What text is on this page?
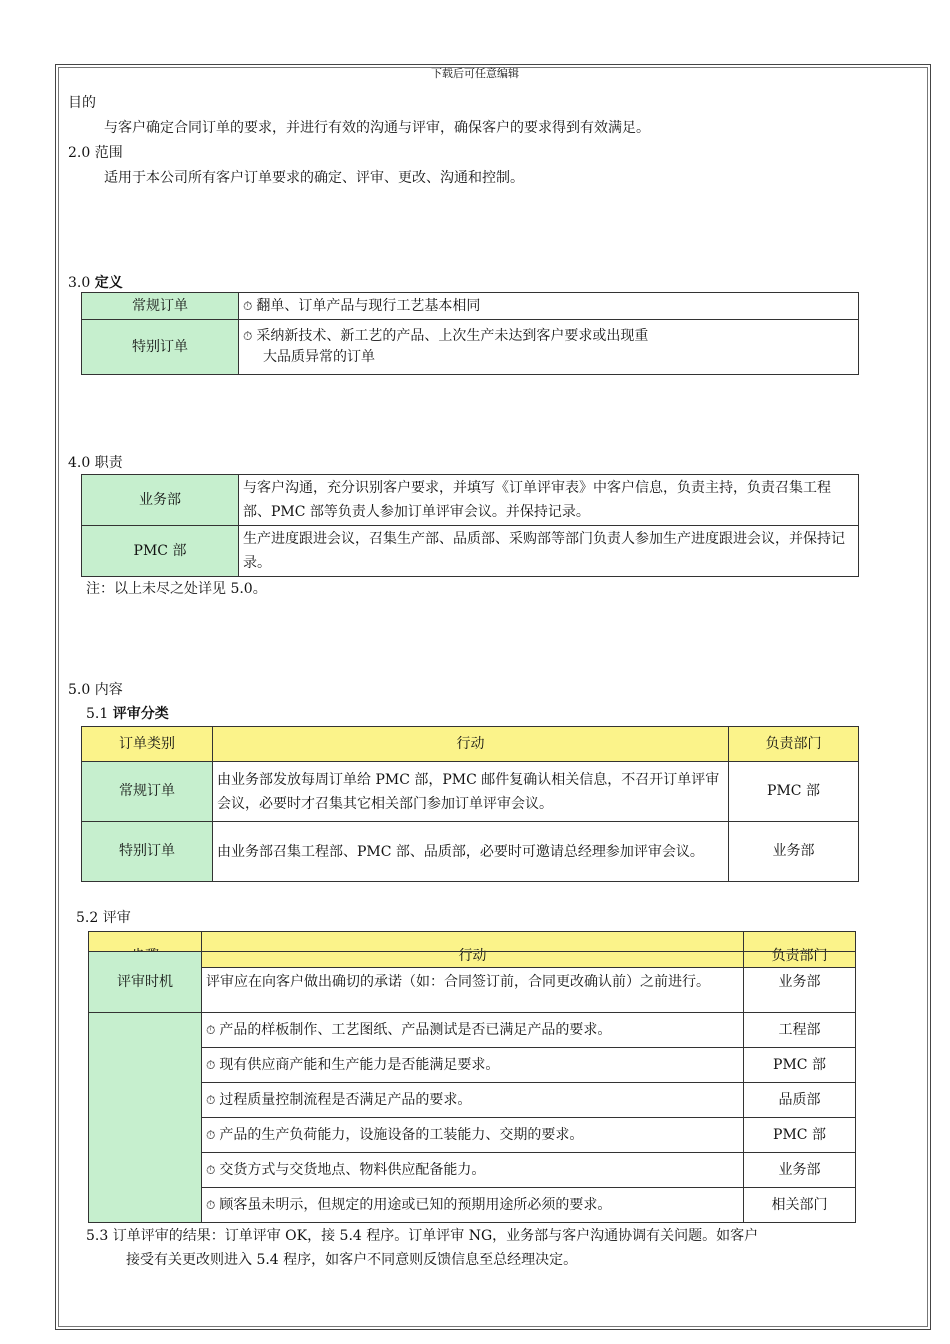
下载后可任意编辑
目的
与客户确定合同订单的要求，并进行有效的沟通与评审，确保客户的要求得到有效满足。
2.0 范围
适用于本公司所有客户订单要求的确定、评审、更改、沟通和控制。
3.0 定义
常规订单	⏱ 翻单、订单产品与现行工艺基本相同
特别订单	⏱ 采纳新技术、新工艺的产品、上次生产未达到客户要求或出现重
大品质异常的订单
4.0 职责
业务部	与客户沟通，充分识别客户要求，并填写《订单评审表》中客户信息，负责主持，负责召集工程部、PMC 部等负责人参加订单评审会议。并保持记录。
PMC 部	生产进度跟进会议，召集生产部、品质部、采购部等部门负责人参加生产进度跟进会议，并保持记录。
注：以上未尽之处详见 5.0。
5.0 内容
5.1 评审分类
订单类别	行动	负责部门
常规订单	由业务部发放每周订单给 PMC 部，PMC 邮件复确认相关信息，不召开订单评审会议，必要时才召集其它相关部门参加订单评审会议。	PMC 部
特别订单	由业务部召集工程部、PMC 部、品质部，必要时可邀请总经理参加评审会议。	业务部
5.2 评审
	行动	负责部门
评审时机	评审应在向客户做出确切的承诺（如：合同签订前，合同更改确认前）之前进行。	业务部
	⏱ 产品的样板制作、工艺图纸、产品测试是否已满足产品的要求。	工程部
	⏱ 现有供应商产能和生产能力是否能满足要求。	PMC 部
	⏱ 过程质量控制流程是否满足产品的要求。	品质部
	⏱ 产品的生产负荷能力，设施设备的工装能力、交期的要求。	PMC 部
	⏱ 交货方式与交货地点、物料供应配备能力。	业务部
	⏱ 顾客虽未明示，但规定的用途或已知的预期用途所必须的要求。	相关部门
5.3 订单评审的结果：订单评审 OK，接 5.4 程序。订单评审 NG，业务部与客户沟通协调有关问题。如客户
接受有关更改则进入 5.4 程序，如客户不同意则反馈信息至总经理决定。
